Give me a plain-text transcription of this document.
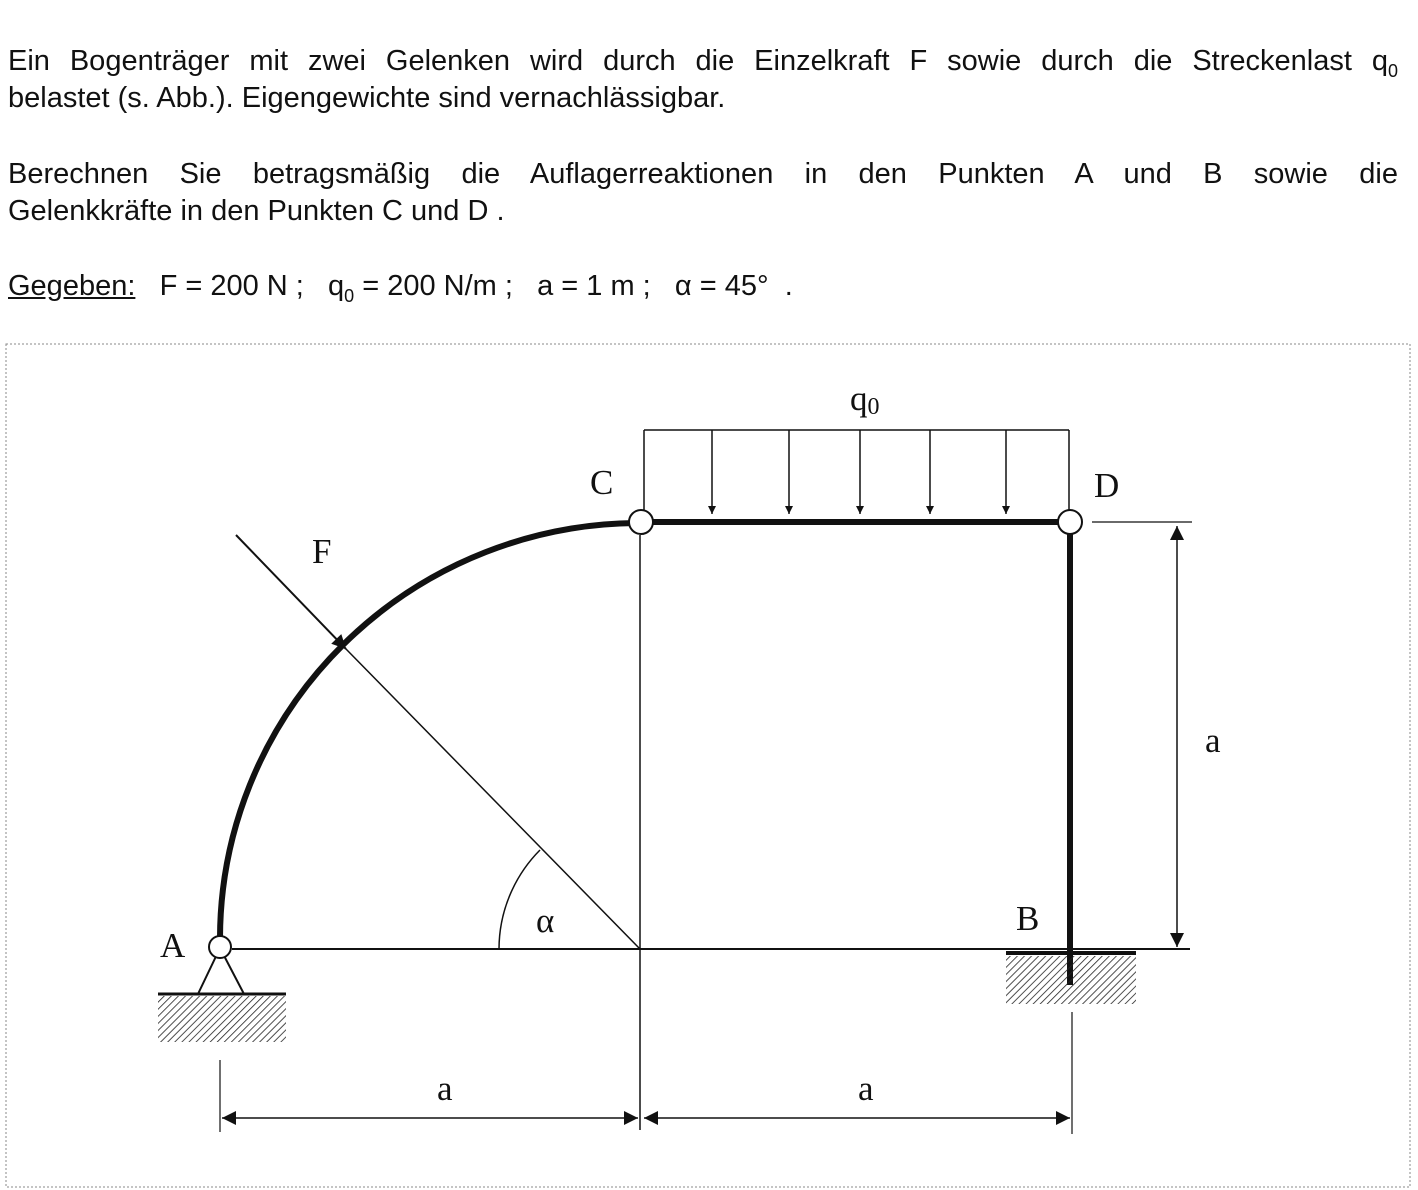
Ein Bogenträger mit zwei Gelenken wird durch die Einzelkraft F sowie durch die Streckenlast $q_0$
belastet (s. Abb.). Eigengewichte sind vernachlässigbar.
Berechnen Sie betragsmäßig die Auflagerreaktionen in den Punkten A und B sowie die
Gelenkkräfte in den Punkten C und D .
Gegeben: F = 200 N ; $q_0 = 200$ N/m ; a = 1 m ; α = 45° .
q0
C	D
F
A
B
α
a
a	a
